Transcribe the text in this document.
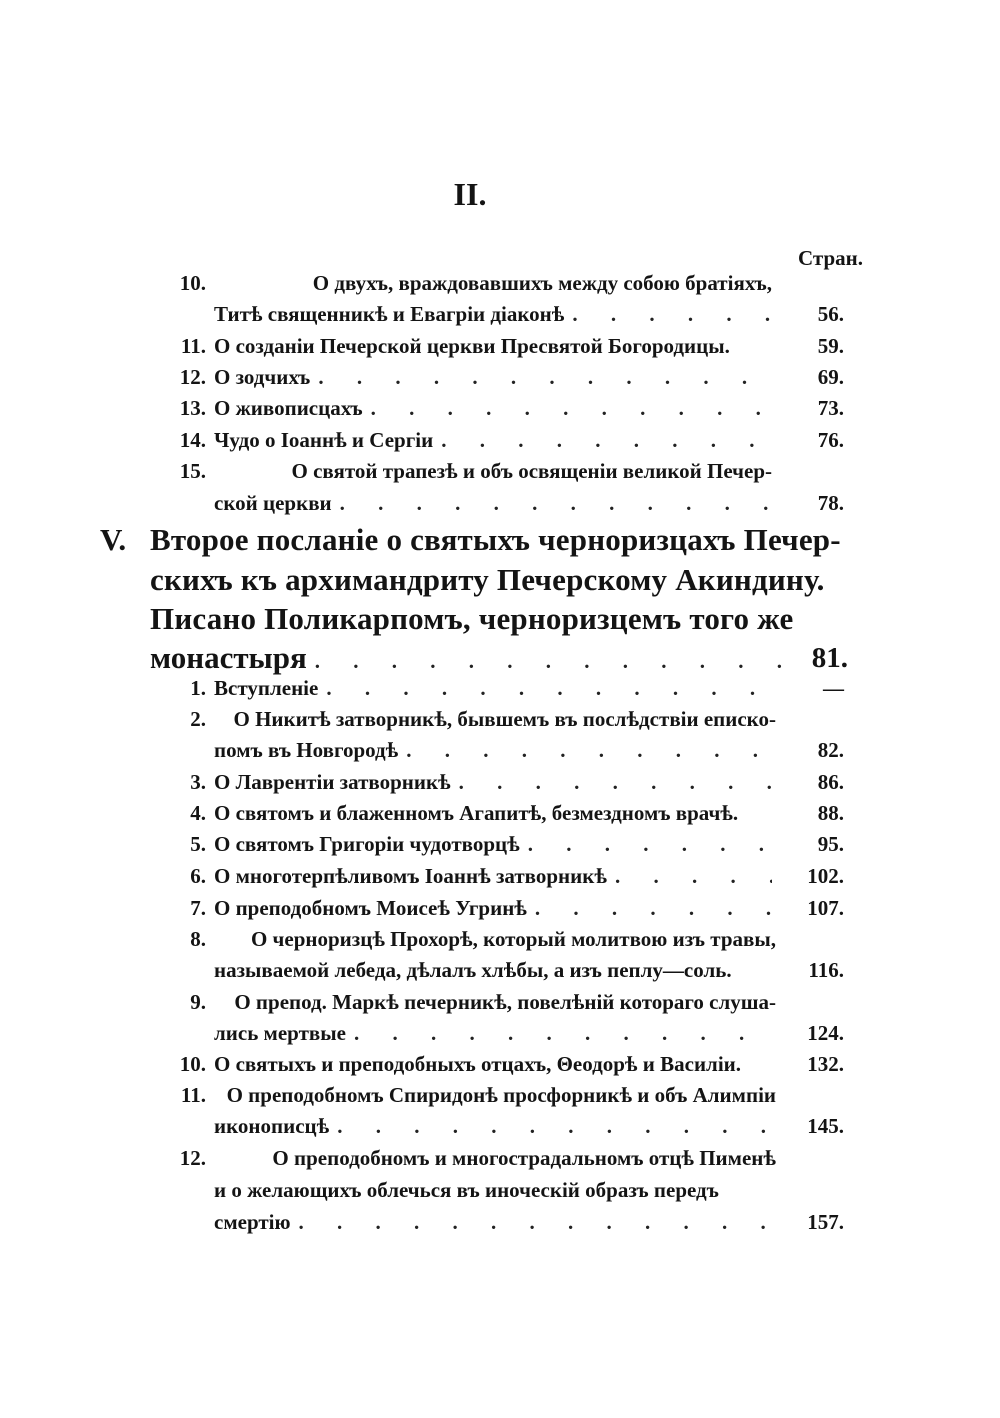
II.
Стран.
10.	О двухъ, враждовавшихъ между собою братіяхъ,
Титѣ священникѣ и Евагріи діаконѣ . . .	56.
11. О созданіи Печерской церкви Пресвятой Богородицы.	59.
12. О зодчихъ . . .	69.
13. О живописцахъ . . .	73.
14. Чудо о Іоаннѣ и Сергіи . . .	76.
15.	О святой трапезѣ и объ освященіи великой Печер-
ской церкви . . .	78.
V. Второе посланіе о святыхъ черноризцахъ Печер-
скихъ къ архимандриту Печерскому Акиндину.
Писано Поликарпомъ, черноризцемъ того же
монастыря . . .	81.
1. Вступленіе . . .	—
2. О Никитѣ затворникѣ, бывшемъ въ послѣдствіи еписко-
помъ въ Новгородѣ . . .	82.
3. О Лаврентіи затворникѣ . . .	86.
4. О святомъ и блаженномъ Агапитѣ, безмездномъ врачѣ.	88.
5. О святомъ Григоріи чудотворцѣ . . .	95.
6. О многотерпѣливомъ Іоаннѣ затворникѣ . . .	102.
7. О преподобномъ Моисеѣ Угринѣ . . .	107.
8. О черноризцѣ Прохорѣ, который молитвою изъ травы,
называемой лебеда, дѣлалъ хлѣбы, а изъ пеплу—соль.	116.
9. О препод. Маркѣ печерникѣ, повелѣній котораго слуша-
лись мертвые . . .	124.
10. О святыхъ и преподобныхъ отцахъ, Θеодорѣ и Василіи.	132.
11. О преподобномъ Спиридонѣ просфорникѣ и объ Алимпіи
иконописцѣ . . .	145.
12.	О преподобномъ и многострадальномъ отцѣ Пименѣ
и о желающихъ облечься въ иноческій образъ передъ
смертію . . .	157.
